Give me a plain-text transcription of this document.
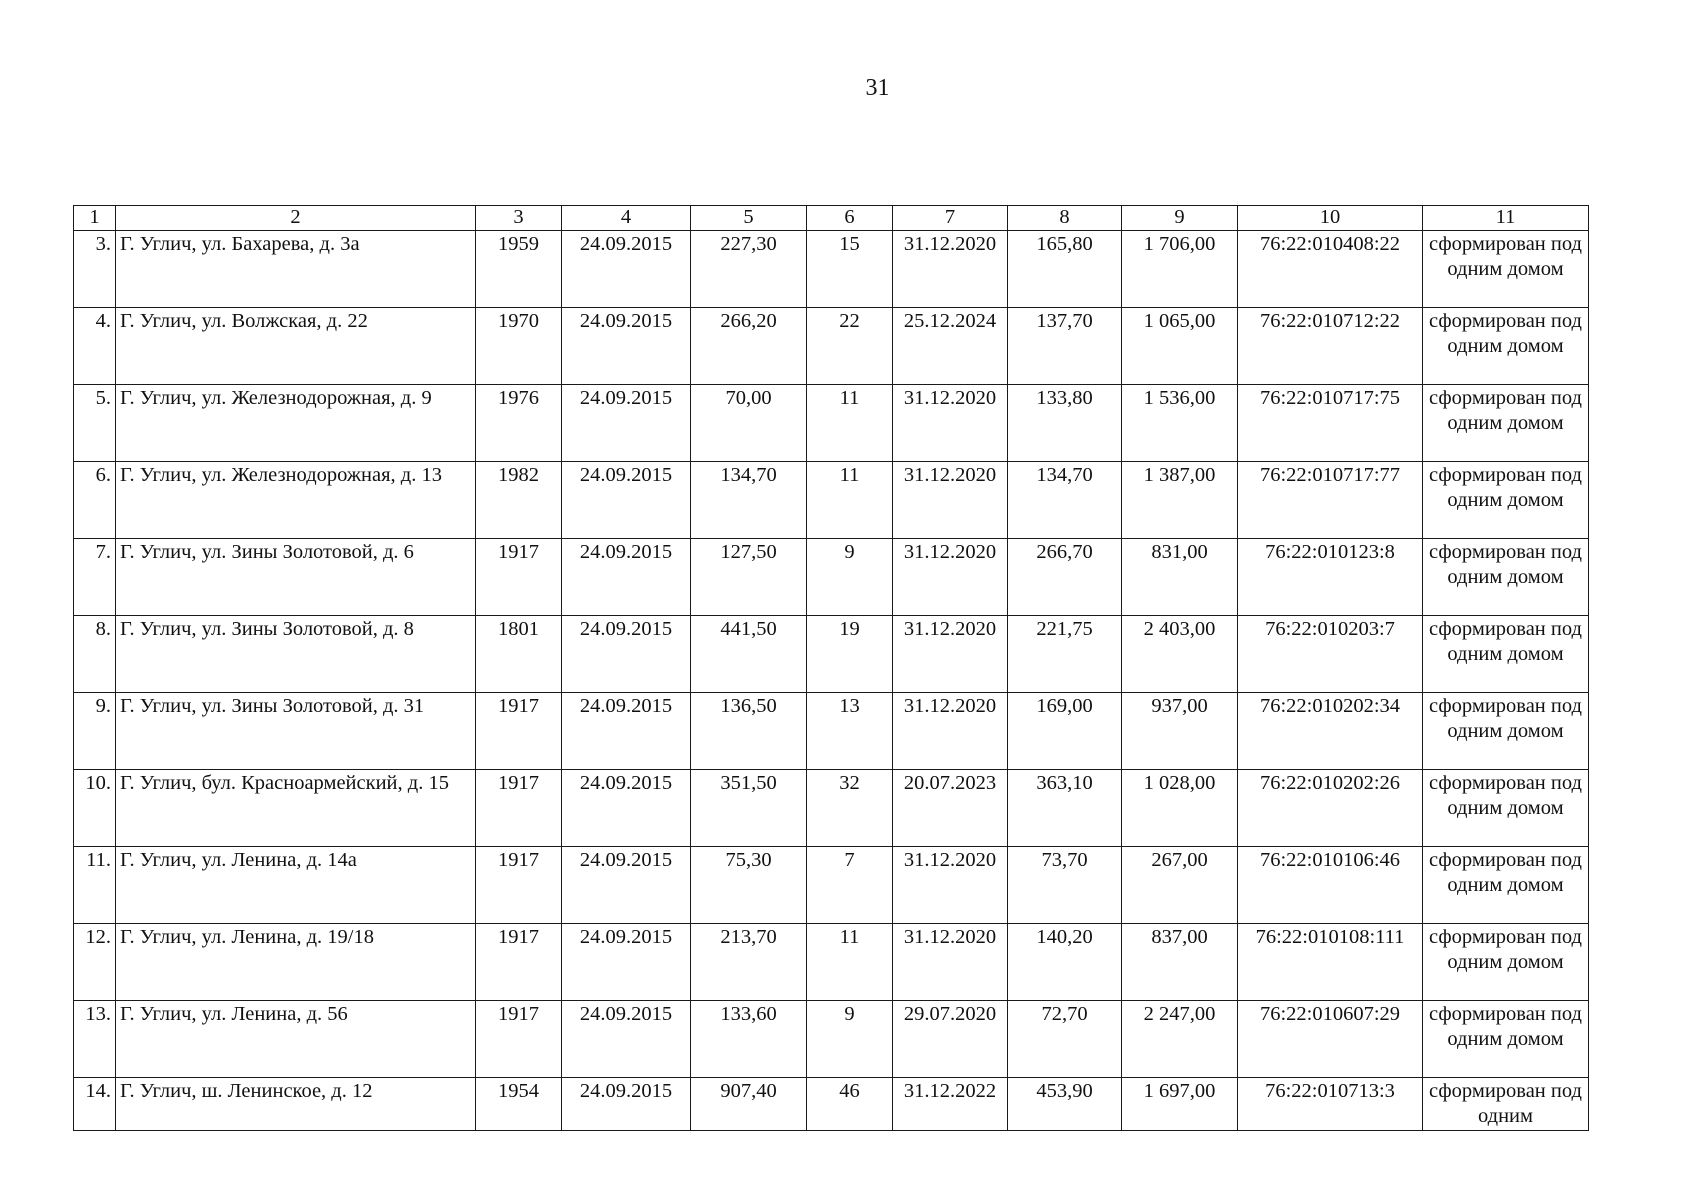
31
1	2	3	4	5	6	7	8	9	10	11
3.	Г. Углич, ул. Бахарева, д. 3а	1959	24.09.2015	227,30	15	31.12.2020	165,80	1 706,00	76:22:010408:22	сформирован под одним домом
4.	Г. Углич, ул. Волжская, д. 22	1970	24.09.2015	266,20	22	25.12.2024	137,70	1 065,00	76:22:010712:22	сформирован под одним домом
5.	Г. Углич, ул. Железнодорожная, д. 9	1976	24.09.2015	70,00	11	31.12.2020	133,80	1 536,00	76:22:010717:75	сформирован под одним домом
6.	Г. Углич, ул. Железнодорожная, д. 13	1982	24.09.2015	134,70	11	31.12.2020	134,70	1 387,00	76:22:010717:77	сформирован под одним домом
7.	Г. Углич, ул. Зины Золотовой, д. 6	1917	24.09.2015	127,50	9	31.12.2020	266,70	831,00	76:22:010123:8	сформирован под одним домом
8.	Г. Углич, ул. Зины Золотовой, д. 8	1801	24.09.2015	441,50	19	31.12.2020	221,75	2 403,00	76:22:010203:7	сформирован под одним домом
9.	Г. Углич, ул. Зины Золотовой, д. 31	1917	24.09.2015	136,50	13	31.12.2020	169,00	937,00	76:22:010202:34	сформирован под одним домом
10.	Г. Углич, бул. Красноармейский, д. 15	1917	24.09.2015	351,50	32	20.07.2023	363,10	1 028,00	76:22:010202:26	сформирован под одним домом
11.	Г. Углич, ул. Ленина, д. 14а	1917	24.09.2015	75,30	7	31.12.2020	73,70	267,00	76:22:010106:46	сформирован под одним домом
12.	Г. Углич, ул. Ленина, д. 19/18	1917	24.09.2015	213,70	11	31.12.2020	140,20	837,00	76:22:010108:111	сформирован под одним домом
13.	Г. Углич, ул. Ленина, д. 56	1917	24.09.2015	133,60	9	29.07.2020	72,70	2 247,00	76:22:010607:29	сформирован под одним домом
14.	Г. Углич, ш. Ленинское, д. 12	1954	24.09.2015	907,40	46	31.12.2022	453,90	1 697,00	76:22:010713:3	сформирован под одним
